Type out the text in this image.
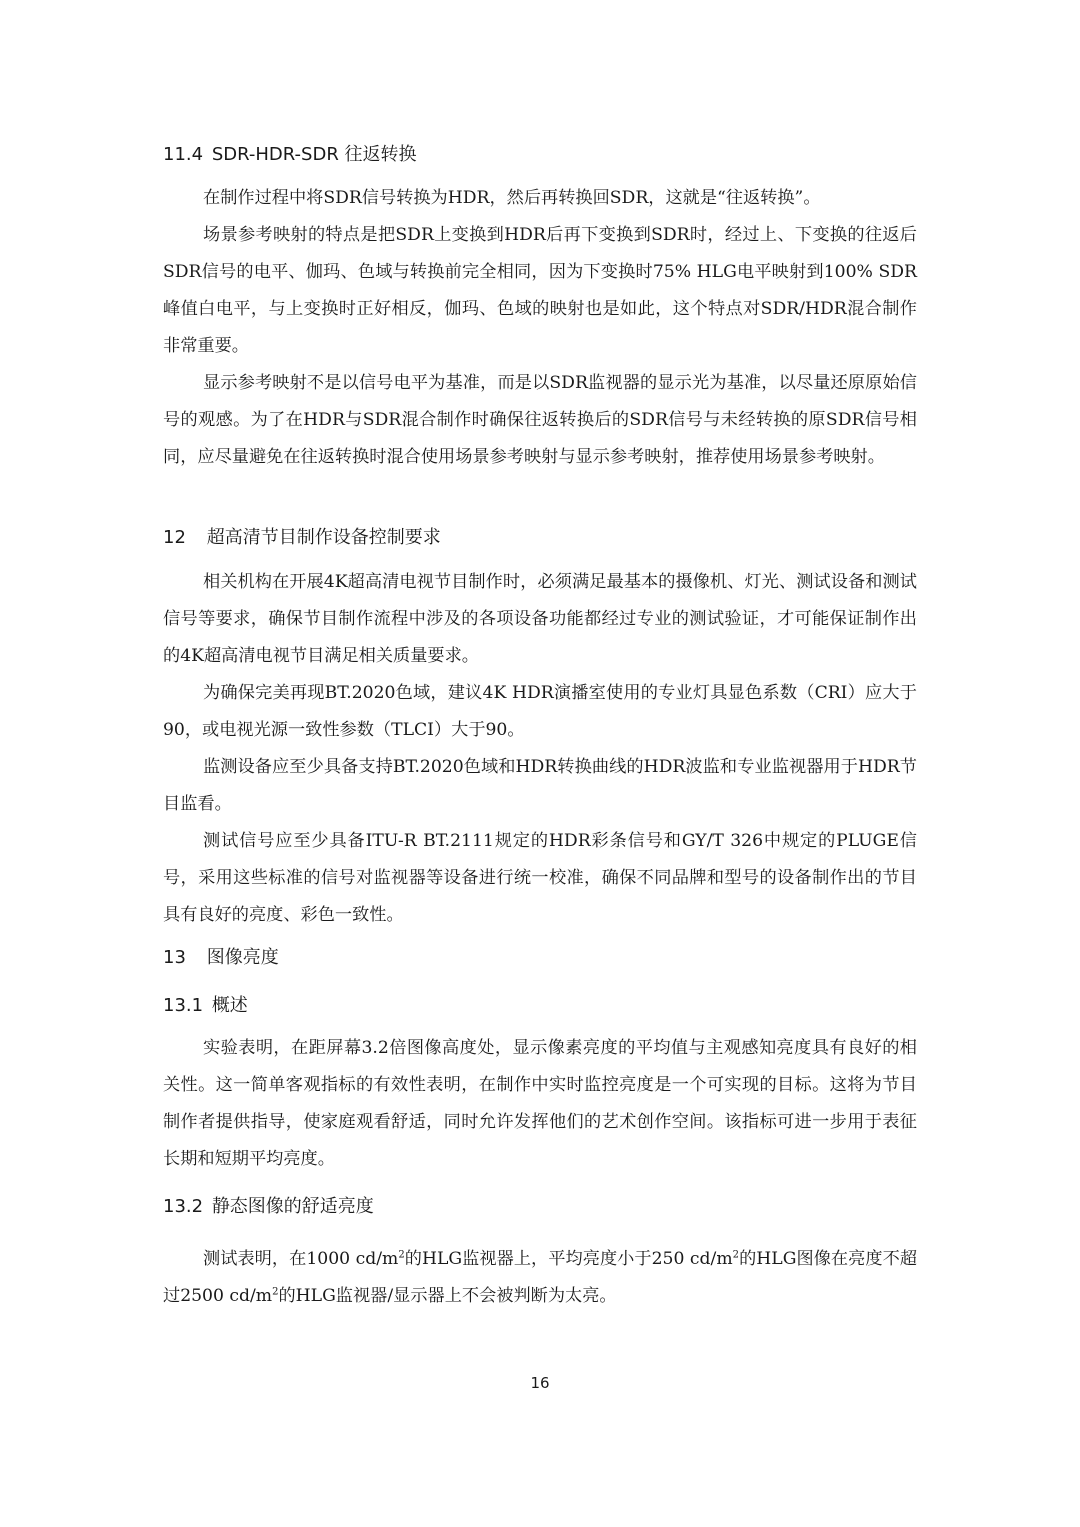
11.4 SDR-HDR-SDR 往返转换

在制作过程中将SDR信号转换为HDR，然后再转换回SDR，这就是“往返转换”。

场景参考映射的特点是把SDR上变换到HDR后再下变换到SDR时，经过上、下变换的往返后SDR信号的电平、伽玛、色域与转换前完全相同，因为下变换时75% HLG电平映射到100% SDR峰值白电平，与上变换时正好相反，伽玛、色域的映射也是如此，这个特点对SDR/HDR混合制作非常重要。

显示参考映射不是以信号电平为基准，而是以SDR监视器的显示光为基准，以尽量还原原始信号的观感。为了在HDR与SDR混合制作时确保往返转换后的SDR信号与未经转换的原SDR信号相同，应尽量避免在往返转换时混合使用场景参考映射与显示参考映射，推荐使用场景参考映射。

12 超高清节目制作设备控制要求

相关机构在开展4K超高清电视节目制作时，必须满足最基本的摄像机、灯光、测试设备和测试信号等要求，确保节目制作流程中涉及的各项设备功能都经过专业的测试验证，才可能保证制作出的4K超高清电视节目满足相关质量要求。

为确保完美再现BT.2020色域，建议4K HDR演播室使用的专业灯具显色系数（CRI）应大于90，或电视光源一致性参数（TLCI）大于90。

监测设备应至少具备支持BT.2020色域和HDR转换曲线的HDR波监和专业监视器用于HDR节目监看。

测试信号应至少具备ITU-R BT.2111规定的HDR彩条信号和GY/T 326中规定的PLUGE信号，采用这些标准的信号对监视器等设备进行统一校准，确保不同品牌和型号的设备制作出的节目具有良好的亮度、彩色一致性。

13 图像亮度
13.1 概述

实验表明，在距屏幕3.2倍图像高度处，显示像素亮度的平均值与主观感知亮度具有良好的相关性。这一简单客观指标的有效性表明，在制作中实时监控亮度是一个可实现的目标。这将为节目制作者提供指导，使家庭观看舒适，同时允许发挥他们的艺术创作空间。该指标可进一步用于表征长期和短期平均亮度。

13.2 静态图像的舒适亮度

测试表明，在1000 $cd/m^2$的HLG监视器上，平均亮度小于250 $cd/m^2$的HLG图像在亮度不超过2500 $cd/m^2$的HLG监视器/显示器上不会被判断为太亮。

16
